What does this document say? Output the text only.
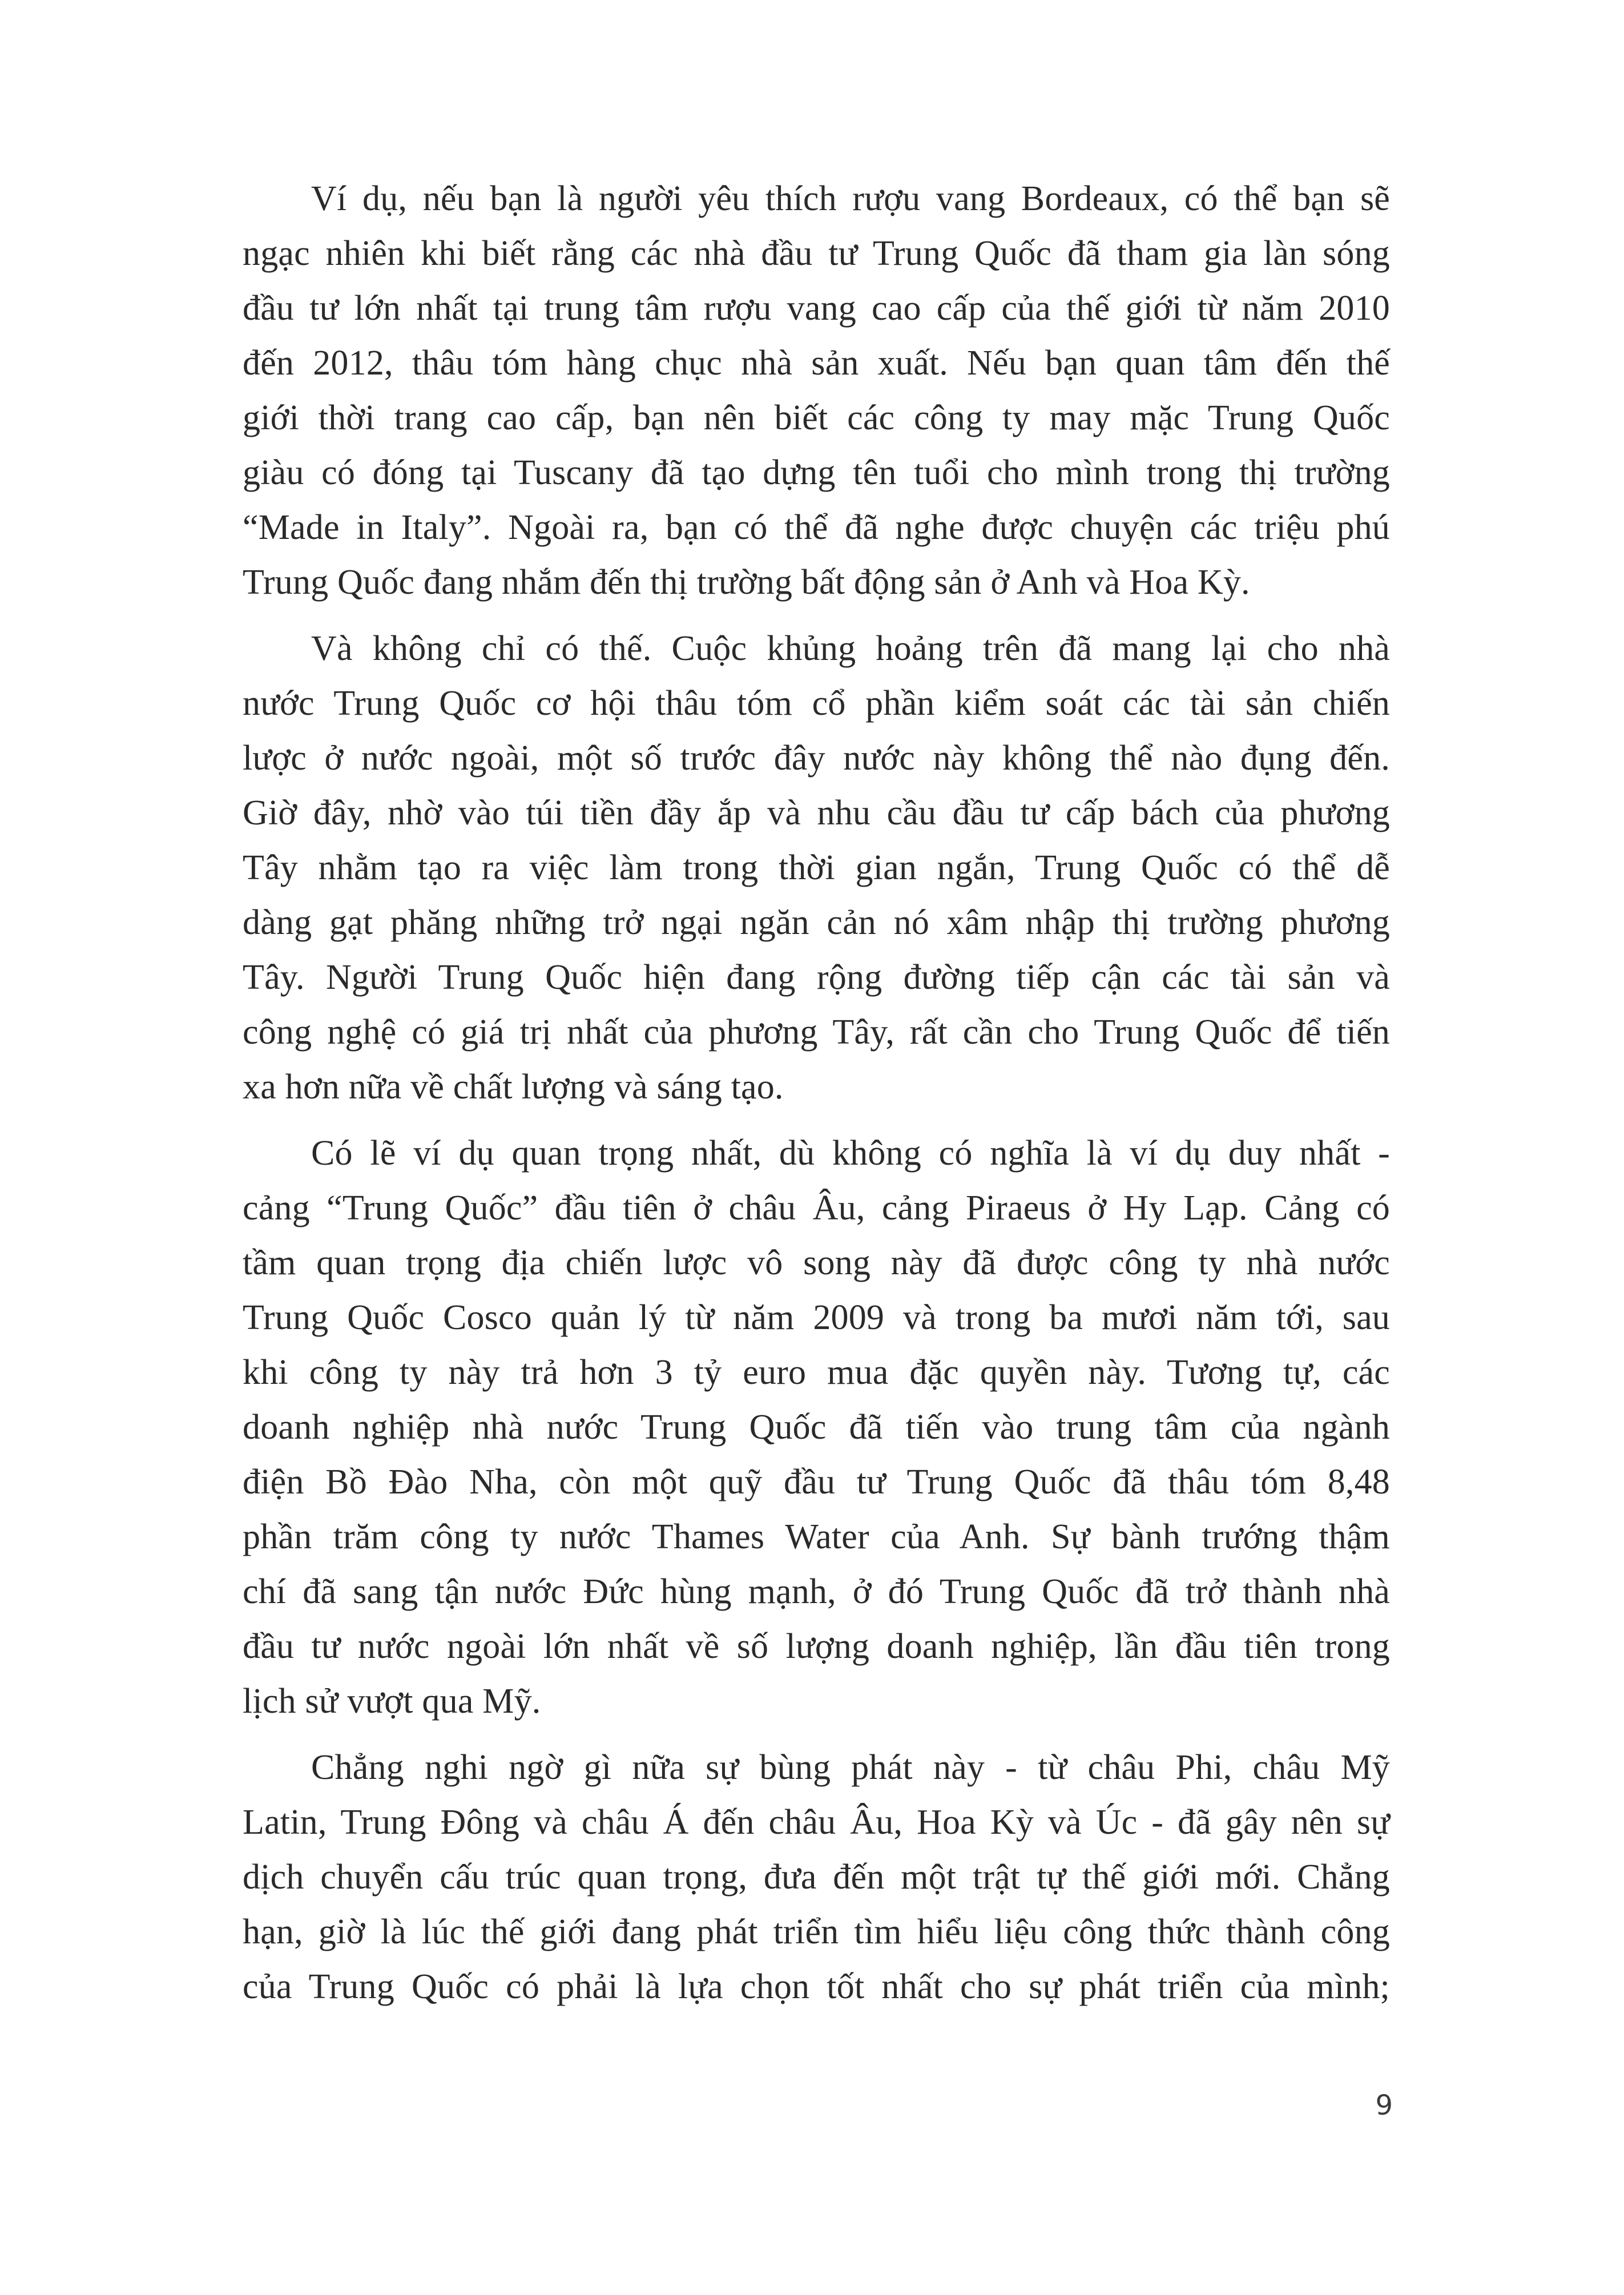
Ví dụ, nếu bạn là người yêu thích rượu vang Bordeaux, có thể bạn sẽ
ngạc nhiên khi biết rằng các nhà đầu tư Trung Quốc đã tham gia làn sóng
đầu tư lớn nhất tại trung tâm rượu vang cao cấp của thế giới từ năm 2010
đến 2012, thâu tóm hàng chục nhà sản xuất. Nếu bạn quan tâm đến thế
giới thời trang cao cấp, bạn nên biết các công ty may mặc Trung Quốc
giàu có đóng tại Tuscany đã tạo dựng tên tuổi cho mình trong thị trường
“Made in Italy”. Ngoài ra, bạn có thể đã nghe được chuyện các triệu phú
Trung Quốc đang nhắm đến thị trường bất động sản ở Anh và Hoa Kỳ.

Và không chỉ có thế. Cuộc khủng hoảng trên đã mang lại cho nhà
nước Trung Quốc cơ hội thâu tóm cổ phần kiểm soát các tài sản chiến
lược ở nước ngoài, một số trước đây nước này không thể nào đụng đến.
Giờ đây, nhờ vào túi tiền đầy ắp và nhu cầu đầu tư cấp bách của phương
Tây nhằm tạo ra việc làm trong thời gian ngắn, Trung Quốc có thể dễ
dàng gạt phăng những trở ngại ngăn cản nó xâm nhập thị trường phương
Tây. Người Trung Quốc hiện đang rộng đường tiếp cận các tài sản và
công nghệ có giá trị nhất của phương Tây, rất cần cho Trung Quốc để tiến
xa hơn nữa về chất lượng và sáng tạo.

Có lẽ ví dụ quan trọng nhất, dù không có nghĩa là ví dụ duy nhất -
cảng “Trung Quốc” đầu tiên ở châu Âu, cảng Piraeus ở Hy Lạp. Cảng có
tầm quan trọng địa chiến lược vô song này đã được công ty nhà nước
Trung Quốc Cosco quản lý từ năm 2009 và trong ba mươi năm tới, sau
khi công ty này trả hơn 3 tỷ euro mua đặc quyền này. Tương tự, các
doanh nghiệp nhà nước Trung Quốc đã tiến vào trung tâm của ngành
điện Bồ Đào Nha, còn một quỹ đầu tư Trung Quốc đã thâu tóm 8,48
phần trăm công ty nước Thames Water của Anh. Sự bành trướng thậm
chí đã sang tận nước Đức hùng mạnh, ở đó Trung Quốc đã trở thành nhà
đầu tư nước ngoài lớn nhất về số lượng doanh nghiệp, lần đầu tiên trong
lịch sử vượt qua Mỹ.

Chẳng nghi ngờ gì nữa sự bùng phát này - từ châu Phi, châu Mỹ
Latin, Trung Đông và châu Á đến châu Âu, Hoa Kỳ và Úc - đã gây nên sự
dịch chuyển cấu trúc quan trọng, đưa đến một trật tự thế giới mới. Chẳng
hạn, giờ là lúc thế giới đang phát triển tìm hiểu liệu công thức thành công
của Trung Quốc có phải là lựa chọn tốt nhất cho sự phát triển của mình;

9
